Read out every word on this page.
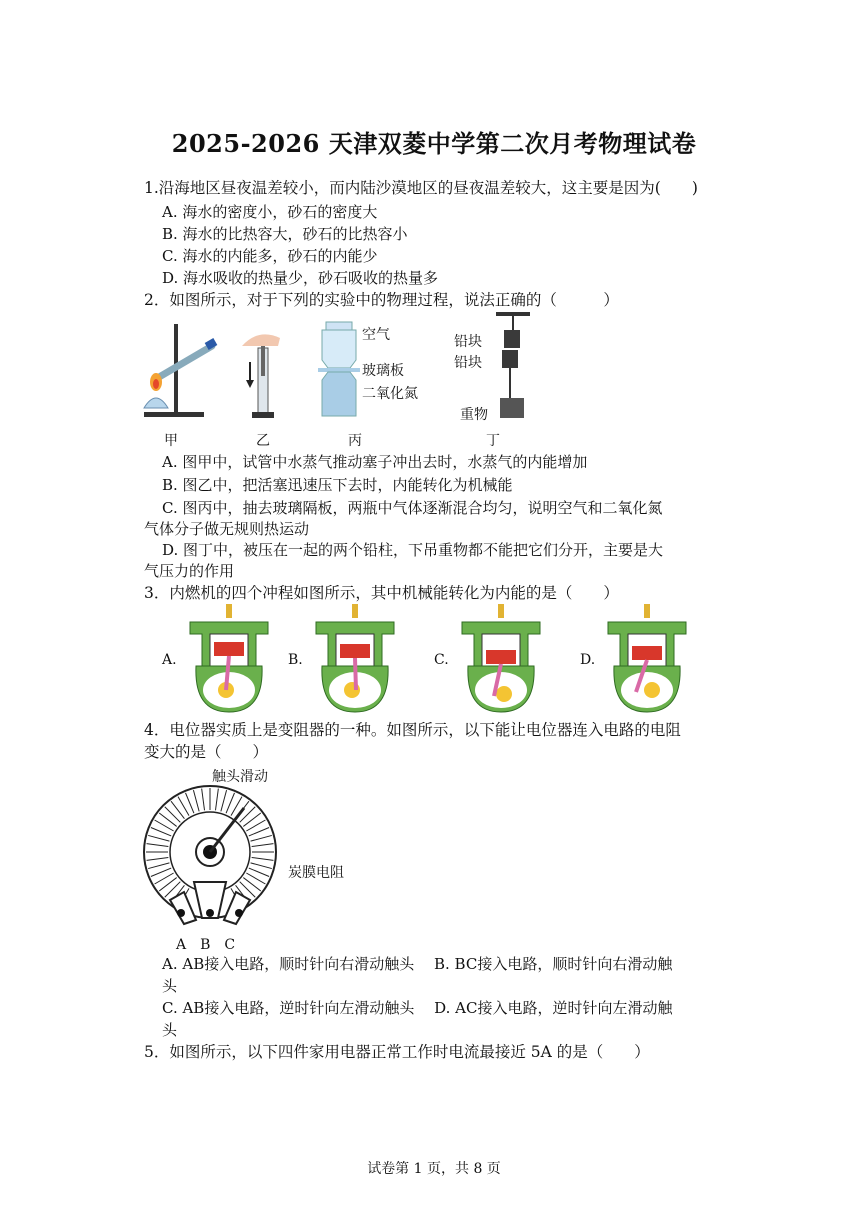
2025-2026 天津双菱中学第二次月考物理试卷
1.沿海地区昼夜温差较小，而内陆沙漠地区的昼夜温差较大，这主要是因为(　　)
A. 海水的密度小，砂石的密度大
B. 海水的比热容大，砂石的比热容小
C. 海水的内能多，砂石的内能少
D. 海水吸收的热量少，砂石吸收的热量多
2．如图所示，对于下列的实验中的物理过程，说法正确的（　　　）
甲	乙
空气
玻璃板
二氧化氮
丙
铅块
铅块
重物
丁
A. 图甲中，试管中水蒸气推动塞子冲出去时，水蒸气的内能增加
B. 图乙中，把活塞迅速压下去时，内能转化为机械能
C. 图丙中，抽去玻璃隔板，两瓶中气体逐渐混合均匀，说明空气和二氧化氮
气体分子做无规则热运动
D. 图丁中，被压在一起的两个铅柱，下吊重物都不能把它们分开，主要是大
气压力的作用
3．内燃机的四个冲程如图所示，其中机械能转化为内能的是（　　）
A.	B.	C.	D.
4．电位器实质上是变阻器的一种。如图所示，以下能让电位器连入电路的电阻
变大的是（　　）
触头滑动
炭膜电阻
A　B　C
A. AB接入电路，顺时针向右滑动触头　 B. BC接入电路，顺时针向右滑动触
头
C. AB接入电路，逆时针向左滑动触头　 D. AC接入电路，逆时针向左滑动触
头
5．如图所示，以下四件家用电器正常工作时电流最接近 5A 的是（　　）
试卷第 1 页，共 8 页
